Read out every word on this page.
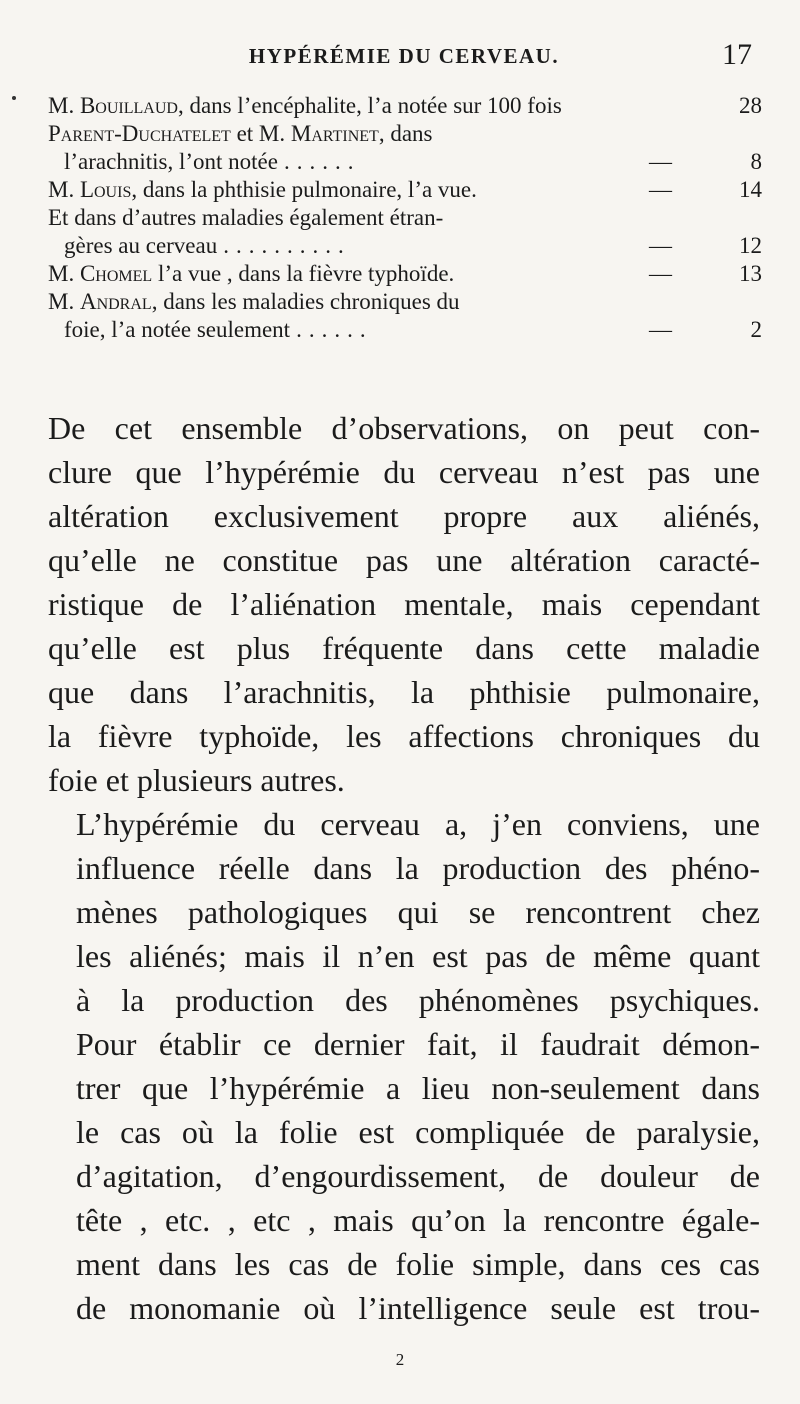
HYPÉRÉMIE DU CERVEAU.	17
M. Bouillaud, dans l’encéphalite, l’a notée sur 100 fois	28
Parent-Duchatelet et M. Martinet, dans
l’arachnitis, l’ont notée ......	—	8
M. Louis, dans la phthisie pulmonaire, l’a vue.	—	14
Et dans d’autres maladies également étran-
gères au cerveau ..........	—	12
M. Chomel l’a vue , dans la fièvre typhoïde.	—	13
M. Andral, dans les maladies chroniques du
foie, l’a notée seulement ......	—	2

De cet ensemble d’observations, on peut con-
clure que l’hypérémie du cerveau n’est pas une
altération exclusivement propre aux aliénés,
qu’elle ne constitue pas une altération caracté-
ristique de l’aliénation mentale, mais cependant
qu’elle est plus fréquente dans cette maladie
que dans l’arachnitis, la phthisie pulmonaire,
la fièvre typhoïde, les affections chroniques du
foie et plusieurs autres.

L’hypérémie du cerveau a, j’en conviens, une
influence réelle dans la production des phéno-
mènes pathologiques qui se rencontrent chez
les aliénés; mais il n’en est pas de même quant
à la production des phénomènes psychiques.
Pour établir ce dernier fait, il faudrait démon-
trer que l’hypérémie a lieu non-seulement dans
le cas où la folie est compliquée de paralysie,
d’agitation, d’engourdissement, de douleur de
tête , etc. , etc , mais qu’on la rencontre égale-
ment dans les cas de folie simple, dans ces cas
de monomanie où l’intelligence seule est trou-

2
